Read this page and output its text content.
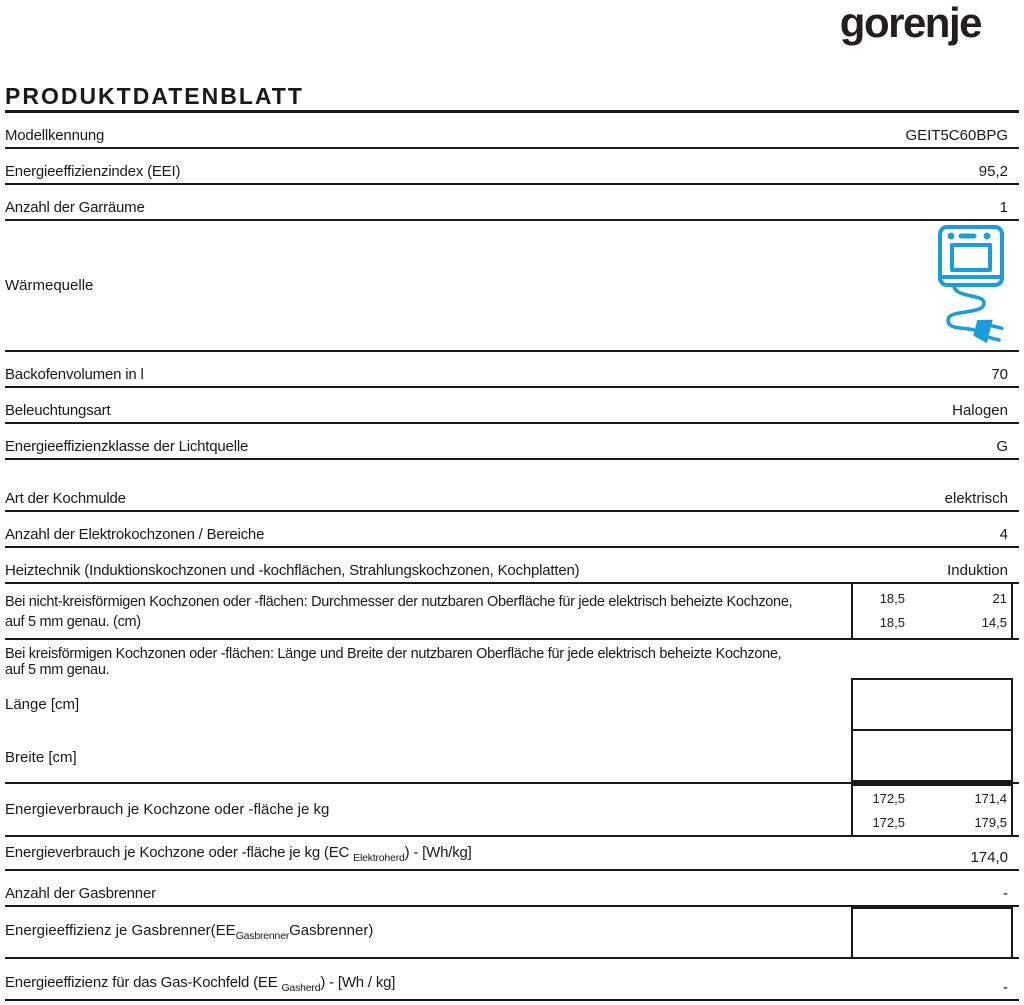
gorenje
PRODUKTDATENBLATT
Modellkennung	GEIT5C60BPG
Energieeffizienzindex (EEI)	95,2
Anzahl der Garräume	1
Wärmequelle
Backofenvolumen in l	70
Beleuchtungsart	Halogen
Energieeffizienzklasse der Lichtquelle	G
Art der Kochmulde	elektrisch
Anzahl der Elektrokochzonen / Bereiche	4
Heiztechnik (Induktionskochzonen und -kochflächen, Strahlungskochzonen, Kochplatten)	Induktion
Bei nicht-kreisförmigen Kochzonen oder -flächen: Durchmesser der nutzbaren Oberfläche für jede elektrisch beheizte Kochzone,
auf 5 mm genau. (cm)
18,5	21
18,5	14,5
Bei kreisförmigen Kochzonen oder -flächen: Länge und Breite der nutzbaren Oberfläche für jede elektrisch beheizte Kochzone,
auf 5 mm genau.
Länge [cm]
Breite [cm]
Energieverbrauch je Kochzone oder -fläche je kg
172,5	171,4
172,5	179,5
Energieverbrauch je Kochzone oder -fläche je kg (EC $_{Elektroherd}$) - [Wh/kg]	174,0
Anzahl der Gasbrenner	-
Energieeffizienz je $Gasbrenner(EE_{Gasbrenner}Gasbrenner)$
Energieeffizienz für das Gas-Kochfeld (EE $_{Gasherd}$) - [Wh / kg]	-
